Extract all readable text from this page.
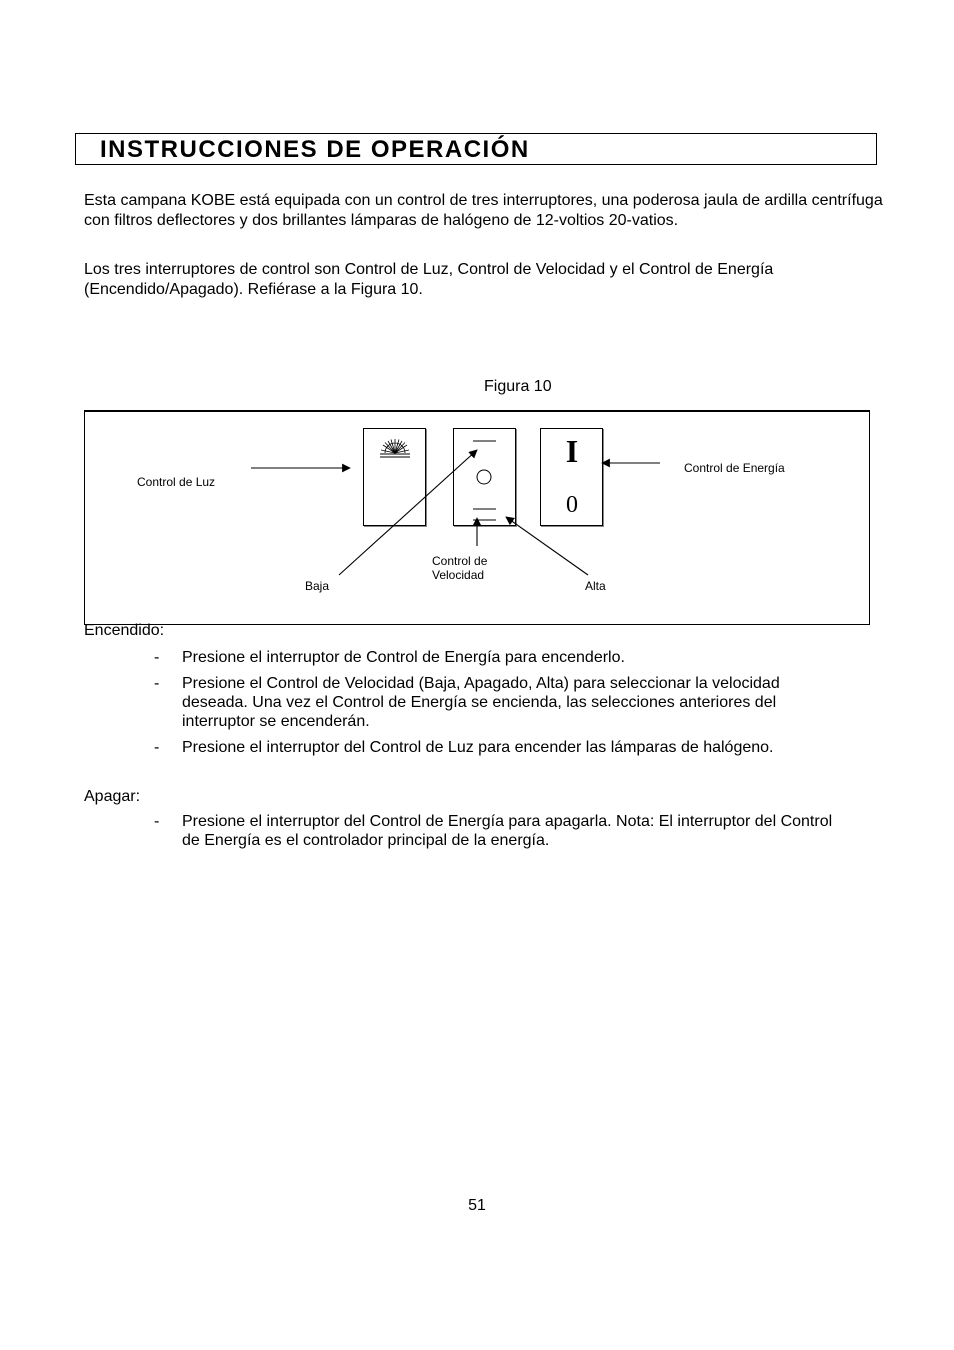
INSTRUCCIONES DE OPERACIÓN
Esta campana KOBE está equipada con un control de tres interruptores, una poderosa jaula de ardilla centrífuga con filtros deflectores y dos brillantes lámparas de halógeno de 12-voltios 20-vatios.
Los tres interruptores de control son Control de Luz, Control de Velocidad y el Control de Energía (Encendido/Apagado). Refiérase a la Figura 10.
Figura 10
I
0
Control de Luz
Control de Energía
Control de
Velocidad
Baja	Alta
Encendido:
- Presione el interruptor de Control de Energía para encenderlo.
- Presione el Control de Velocidad (Baja, Apagado, Alta) para seleccionar la velocidad deseada. Una vez el Control de Energía se encienda, las selecciones anteriores del interruptor se encenderán.
- Presione el interruptor del Control de Luz para encender las lámparas de halógeno.
Apagar:
- Presione el interruptor del Control de Energía para apagarla. Nota: El interruptor del Control de Energía es el controlador principal de la energía.
51
